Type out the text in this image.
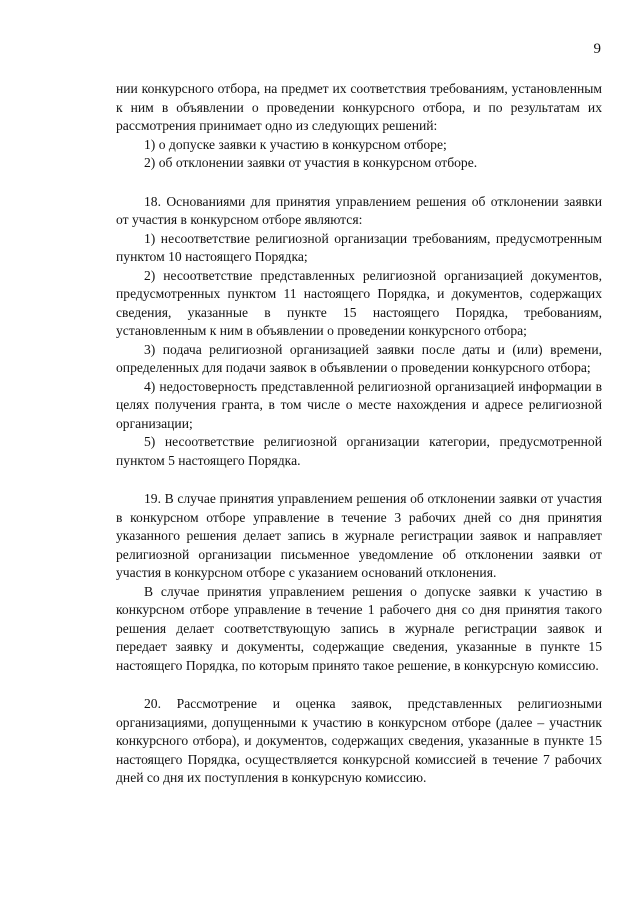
9

нии конкурсного отбора, на предмет их соответствия требованиям, установленным к ним в объявлении о проведении конкурсного отбора, и по результатам их рассмотрения принимает одно из следующих решений:

1) о допуске заявки к участию в конкурсном отборе;

2) об отклонении заявки от участия в конкурсном отборе.

18. Основаниями для принятия управлением решения об отклонении заявки от участия в конкурсном отборе являются:

1) несоответствие религиозной организации требованиям, предусмотренным пунктом 10 настоящего Порядка;

2) несоответствие представленных религиозной организацией документов, предусмотренных пунктом 11 настоящего Порядка, и документов, содержащих сведения, указанные в пункте 15 настоящего Порядка, требованиям, установленным к ним в объявлении о проведении конкурсного отбора;

3) подача религиозной организацией заявки после даты и (или) времени, определенных для подачи заявок в объявлении о проведении конкурсного отбора;

4) недостоверность представленной религиозной организацией информации в целях получения гранта, в том числе о месте нахождения и адресе религиозной организации;

5) несоответствие религиозной организации категории, предусмотренной пунктом 5 настоящего Порядка.

19. В случае принятия управлением решения об отклонении заявки от участия в конкурсном отборе управление в течение 3 рабочих дней со дня принятия указанного решения делает запись в журнале регистрации заявок и направляет религиозной организации письменное уведомление об отклонении заявки от участия в конкурсном отборе с указанием оснований отклонения.

В случае принятия управлением решения о допуске заявки к участию в конкурсном отборе управление в течение 1 рабочего дня со дня принятия такого решения делает соответствующую запись в журнале регистрации заявок и передает заявку и документы, содержащие сведения, указанные в пункте 15 настоящего Порядка, по которым принято такое решение, в конкурсную комиссию.

20. Рассмотрение и оценка заявок, представленных религиозными организациями, допущенными к участию в конкурсном отборе (далее – участник конкурсного отбора), и документов, содержащих сведения, указанные в пункте 15 настоящего Порядка, осуществляется конкурсной комиссией в течение 7 рабочих дней со дня их поступления в конкурсную комиссию.
